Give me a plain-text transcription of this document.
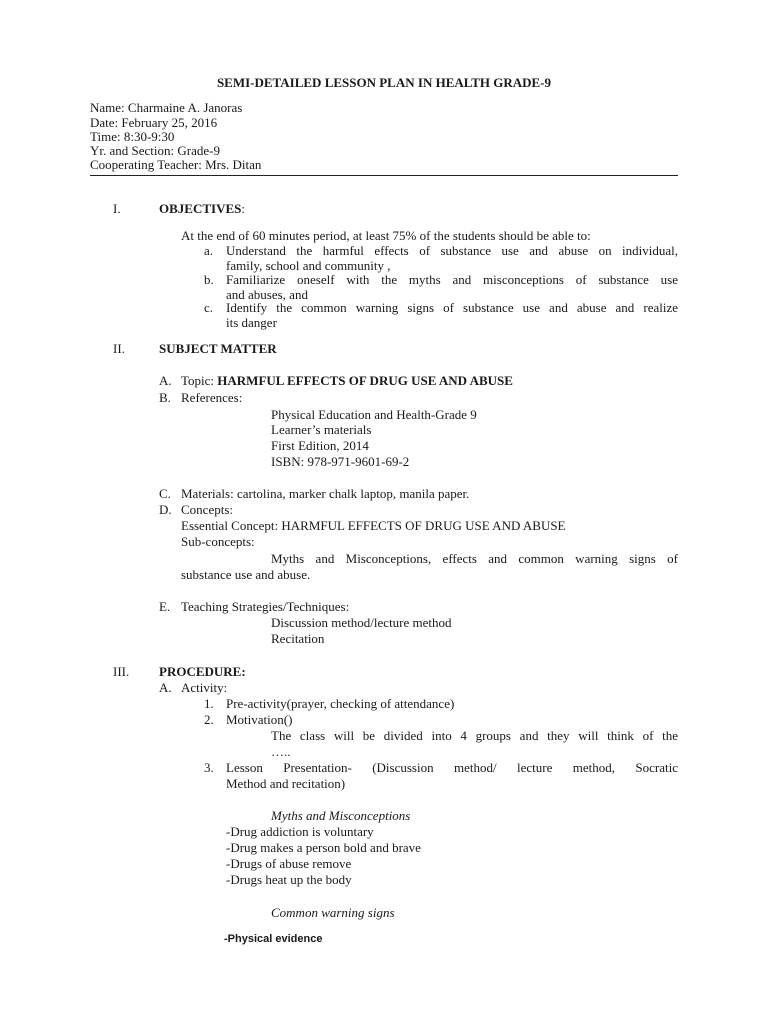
SEMI-DETAILED LESSON PLAN IN HEALTH GRADE-9
Name: Charmaine A. Janoras
Date: February 25, 2016
Time: 8:30-9:30
Yr. and Section: Grade-9
Cooperating Teacher: Mrs. Ditan
I.	OBJECTIVES:
At the end of 60 minutes period, at least 75% of the students should be able to:
a. Understand the harmful effects of substance use and abuse on individual,
family, school and community ,
b. Familiarize oneself with the myths and misconceptions of substance use
and abuses, and
c. Identify the common warning signs of substance use and abuse and realize
its danger
II.	SUBJECT MATTER
A. Topic: HARMFUL EFFECTS OF DRUG USE AND ABUSE
B. References:
Physical Education and Health-Grade 9
Learner’s materials
First Edition, 2014
ISBN: 978-971-9601-69-2
C. Materials: cartolina, marker chalk laptop, manila paper.
D. Concepts:
Essential Concept: HARMFUL EFFECTS OF DRUG USE AND ABUSE
Sub-concepts:
Myths and Misconceptions, effects and common warning signs of
substance use and abuse.
E. Teaching Strategies/Techniques:
Discussion method/lecture method
Recitation
III. PROCEDURE:
A. Activity:
1. Pre-activity(prayer, checking of attendance)
2. Motivation()
The class will be divided into 4 groups and they will think of the
…..
3. Lesson Presentation- (Discussion method/ lecture method, Socratic
Method and recitation)
Myths and Misconceptions
-Drug addiction is voluntary
-Drug makes a person bold and brave
-Drugs of abuse remove
-Drugs heat up the body
Common warning signs
-Physical evidence
